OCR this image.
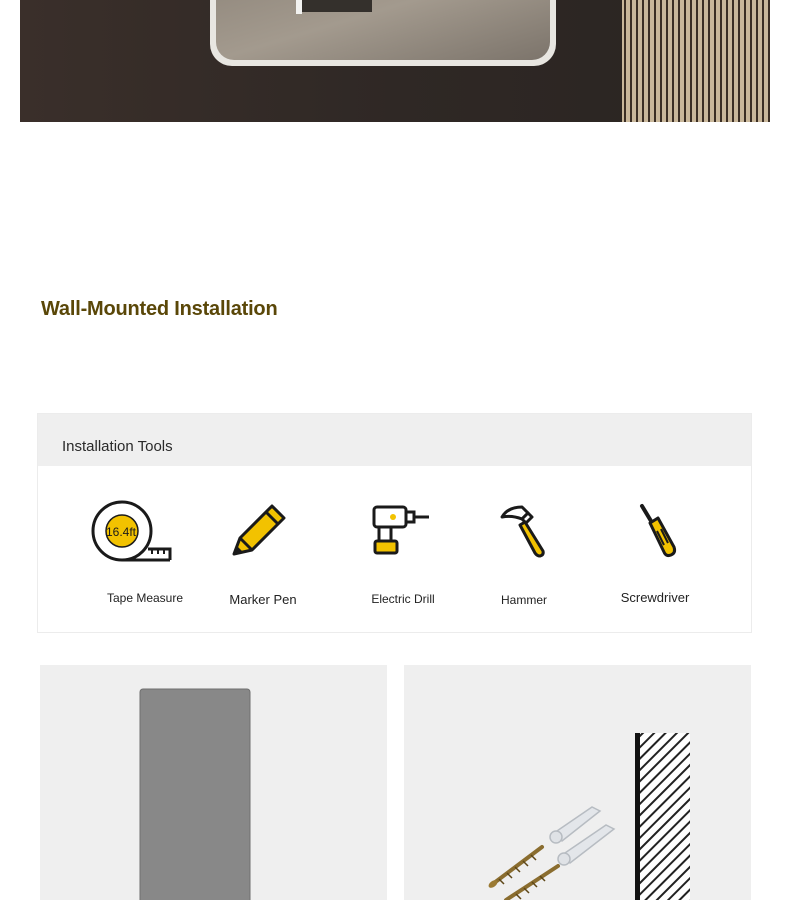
Wall-Mounted Installation
Installation Tools
16.4ft
Tape Measure	Marker Pen	Electric Drill	Hammer	Screwdriver
